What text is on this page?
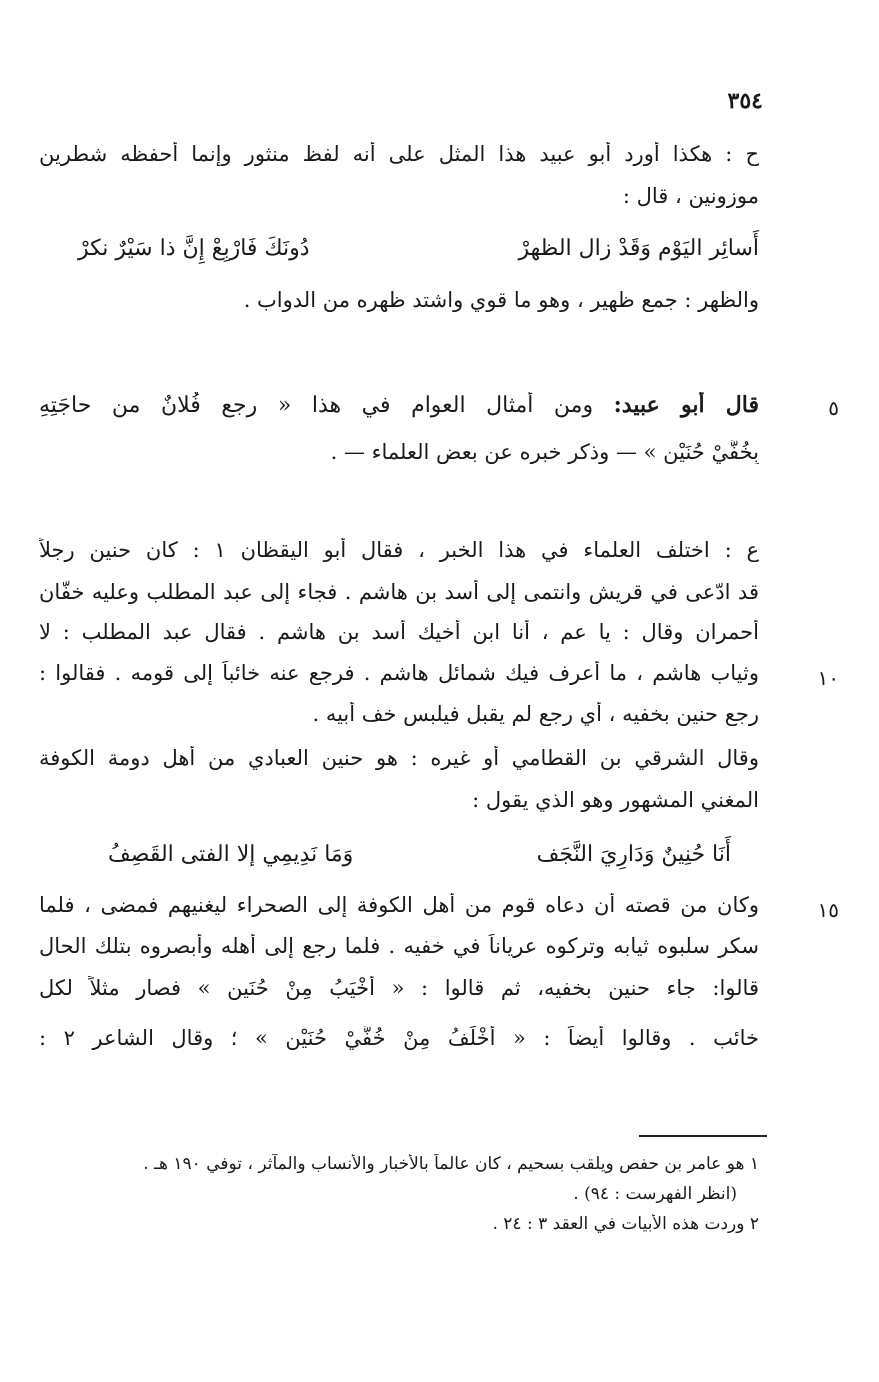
٣٥٤
ح : هكذا أورد أبو عبيد هذا المثل على أنه لفظ منثور وإنما أحفظه شطرين
موزونين ، قال :
أَسائِر اليَوْم وَقَدْ زال الظهرْ
دُونَكَ فَارْبِعْ إِنَّ ذا سَيْرٌ نكرْ
والظهر : جمع ظهير ، وهو ما قوي واشتد ظهره من الدواب .
٥
قال أبو عبيد: ومن أمثال العوام في هذا « رجع فُلانٌ من حاجَتِهِ
بِخُفَّيْ حُنَيْنٍ » — وذكر خبره عن بعض العلماء — .
ع : اختلف العلماء في هذا الخبر ، فقال أبو اليقظان ١ : كان حنين رجلاً
قد ادّعى في قريش وانتمى إلى أسد بن هاشم . فجاء إلى عبد المطلب وعليه خفّان
أحمران وقال : يا عم ، أنا ابن أخيك أسد بن هاشم . فقال عبد المطلب : لا
١٠
وثياب هاشم ، ما أعرف فيك شمائل هاشم . فرجع عنه خائباً إلى قومه . فقالوا :
رجع حنين بخفيه ، أي رجع لم يقبل فيلبس خف أبيه .
وقال الشرقي بن القطامي أو غيره : هو حنين العبادي من أهل دومة الكوفة
المغني المشهور وهو الذي يقول :
أَنَا حُنِينٌ وَدَارِيَ النَّجَف
وَمَا نَدِيمِي إلا الفتى القَصِفُ
١٥
وكان من قصته أن دعاه قوم من أهل الكوفة إلى الصحراء ليغنيهم فمضى ، فلما
سكر سلبوه ثيابه وتركوه عرياناً في خفيه . فلما رجع إلى أهله وأبصروه بتلك الحال
قالوا: جاء حنين بخفيه، ثم قالوا : « أَخْيَبُ مِنْ حُنَين » فصار مثلاً لكل
خائب . وقالوا أيضاً : « أَخْلَفُ مِنْ خُفَّيْ حُنَيْنٍ » ؛ وقال الشاعر ٢ :
١ هو عامر بن حفص ويلقب بسحيم ، كان عالماً بالأخبار والأنساب والمآثر ، توفي ١٩٠ هـ .
(انظر الفهرست : ٩٤) .
٢ وردت هذه الأبيات في العقد ٣ : ٢٤ .
